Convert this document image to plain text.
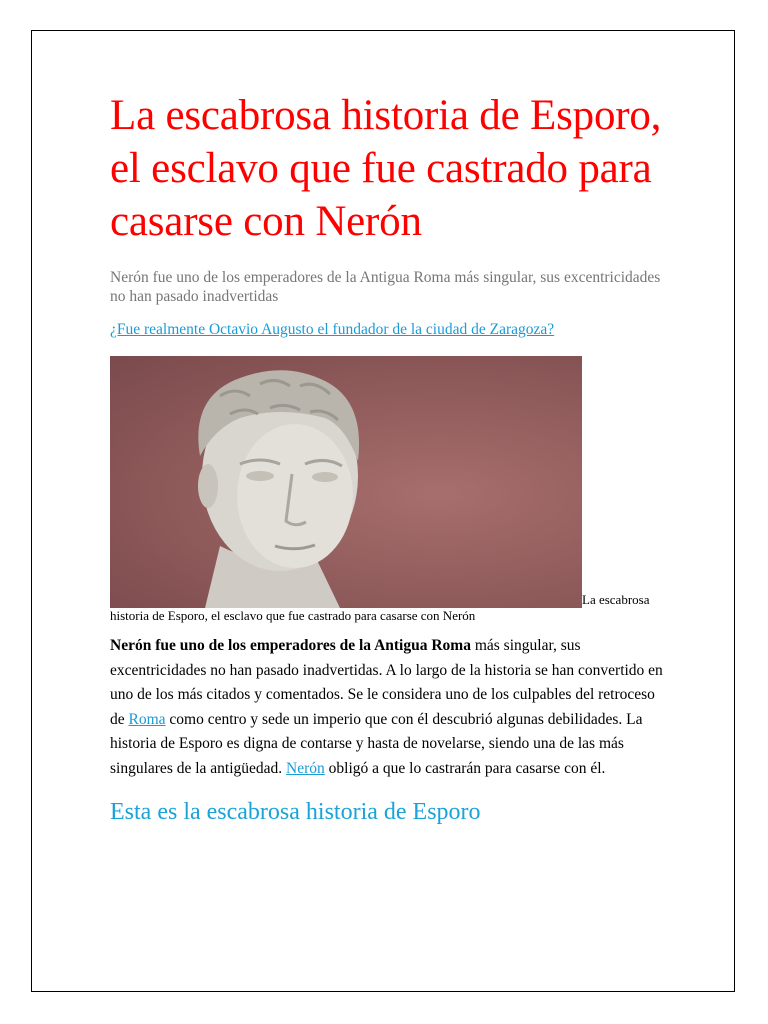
La escabrosa historia de Esporo, el esclavo que fue castrado para casarse con Nerón

Nerón fue uno de los emperadores de la Antigua Roma más singular, sus excentricidades no han pasado inadvertidas

¿Fue realmente Octavio Augusto el fundador de la ciudad de Zaragoza?
La escabrosa historia de Esporo, el esclavo que fue castrado para casarse con Nerón
Nerón fue uno de los emperadores de la Antigua Roma más singular, sus excentricidades no han pasado inadvertidas. A lo largo de la historia se han convertido en uno de los más citados y comentados. Se le considera uno de los culpables del retroceso de Roma como centro y sede un imperio que con él descubrió algunas debilidades. La historia de Esporo es digna de contarse y hasta de novelarse, siendo una de las más singulares de la antigüedad. Nerón obligó a que lo castrarán para casarse con él.
Esta es la escabrosa historia de Esporo
